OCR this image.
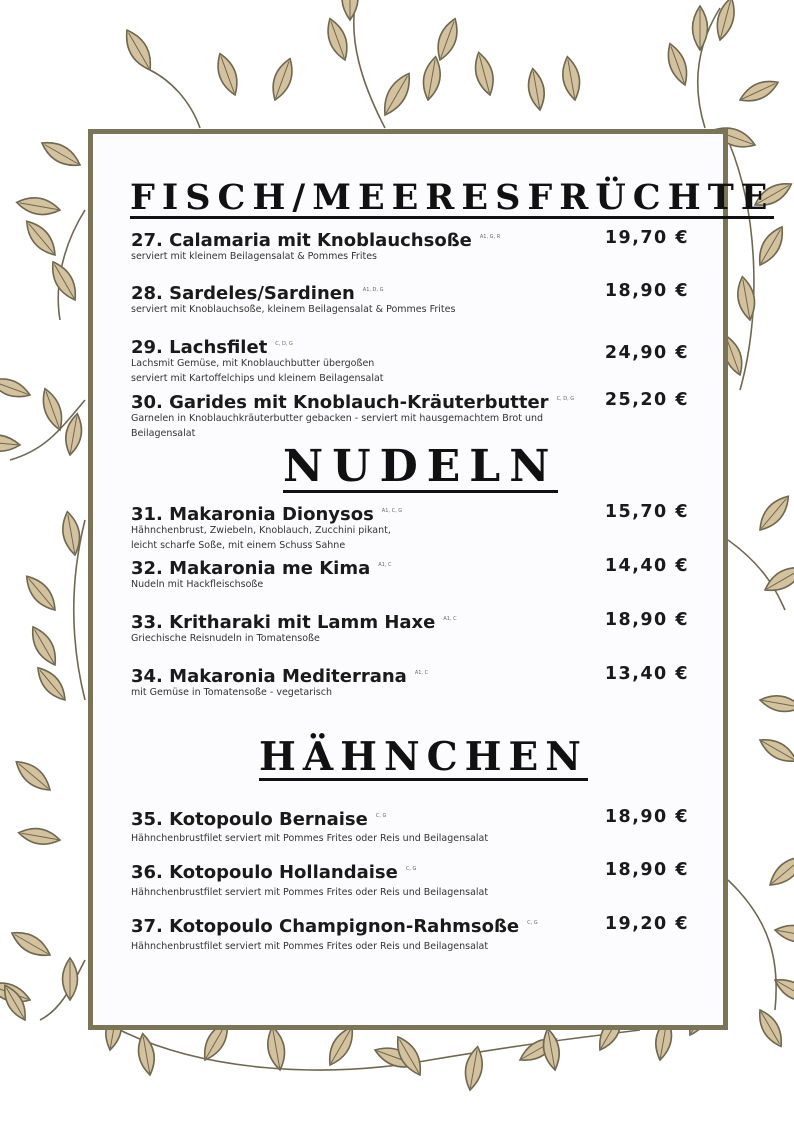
FISCH/MEERESFRÜCHTE
NUDELN
HÄHNCHEN
27. Calamaria mit Knoblauchsoße $^{A1, G, R}$
serviert mit kleinem Beilagensalat & Pommes Frites
19,70 €
28. Sardeles/Sardinen $^{A1, D, G}$
serviert mit Knoblauchsoße, kleinem Beilagensalat & Pommes Frites
18,90 €
29. Lachsfilet $^{C, D, G}$
Lachsmit Gemüse, mit Knoblauchbutter übergoßen serviert mit Kartoffelchips und kleinem Beilagensalat
24,90 €
30. Garides mit Knoblauch-Kräuterbutter $^{C, D, G}$
Garnelen in Knoblauchkräuterbutter gebacken - serviert mit hausgemachtem Brot und Beilagensalat
25,20 €
31. Makaronia Dionysos $^{A1, C, G}$
Hähnchenbrust, Zwiebeln, Knoblauch, Zucchini pikant, leicht scharfe Soße, mit einem Schuss Sahne
15,70 €
32. Makaronia me Kima $^{A1, C}$
Nudeln mit Hackfleischsoße
14,40 €
33. Kritharaki mit Lamm Haxe $^{A1, C}$
Griechische Reisnudeln in Tomatensoße
18,90 €
34. Makaronia Mediterrana $^{A1, C}$
mit Gemüse in Tomatensoße - vegetarisch
13,40 €
35. Kotopoulo Bernaise $^{C, G}$
Hähnchenbrustfilet serviert mit Pommes Frites oder Reis und Beilagensalat
18,90 €
36. Kotopoulo Hollandaise $^{C, G}$
Hähnchenbrustfilet serviert mit Pommes Frites oder Reis und Beilagensalat
18,90 €
37. Kotopoulo Champignon-Rahmsoße $^{C, G}$
Hähnchenbrustfilet serviert mit Pommes Frites oder Reis und Beilagensalat
19,20 €
